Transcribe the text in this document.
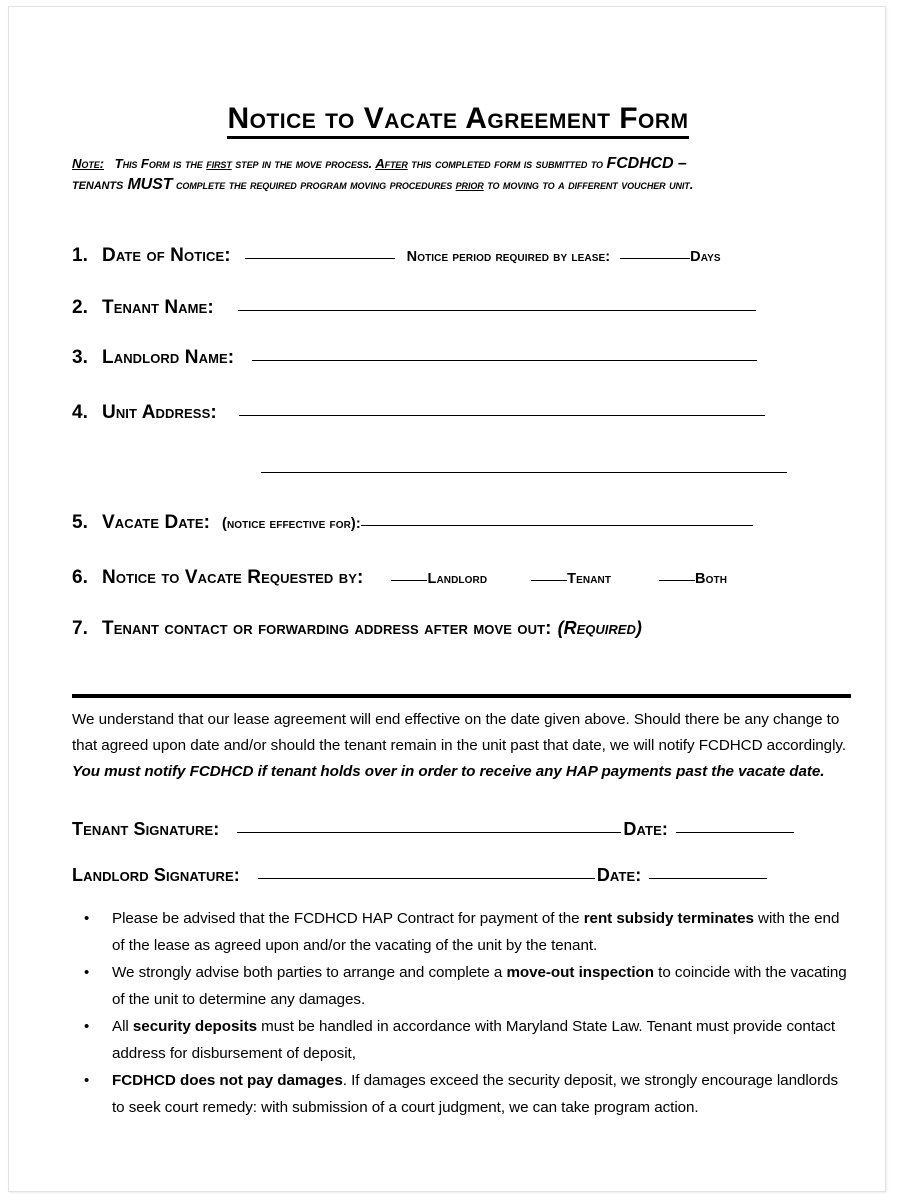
Notice to Vacate Agreement Form
Note: This Form is the first step in the move process. After this completed form is submitted to FCDHCD –
tenants MUST complete the required program moving procedures prior to moving to a different voucher unit.
1. Date of Notice:	Notice period required by lease:	Days
2. Tenant Name:
3. Landlord Name:
4. Unit Address:
5. Vacate Date: (notice effective for):
6. Notice to Vacate Requested by:	Landlord	Tenant	Both
7. Tenant contact or forwarding address after move out: (Required)
We understand that our lease agreement will end effective on the date given above. Should there be any change to
that agreed upon date and/or should the tenant remain in the unit past that date, we will notify FCDHCD accordingly.
You must notify FCDHCD if tenant holds over in order to receive any HAP payments past the vacate date.
Tenant Signature:	Date:
Landlord Signature:	Date:
• Please be advised that the FCDHCD HAP Contract for payment of the rent subsidy terminates with the end of the lease as agreed upon and/or the vacating of the unit by the tenant.
• We strongly advise both parties to arrange and complete a move-out inspection to coincide with the vacating of the unit to determine any damages.
• All security deposits must be handled in accordance with Maryland State Law. Tenant must provide contact address for disbursement of deposit,
• FCDHCD does not pay damages. If damages exceed the security deposit, we strongly encourage landlords to seek court remedy: with submission of a court judgment, we can take program action.
